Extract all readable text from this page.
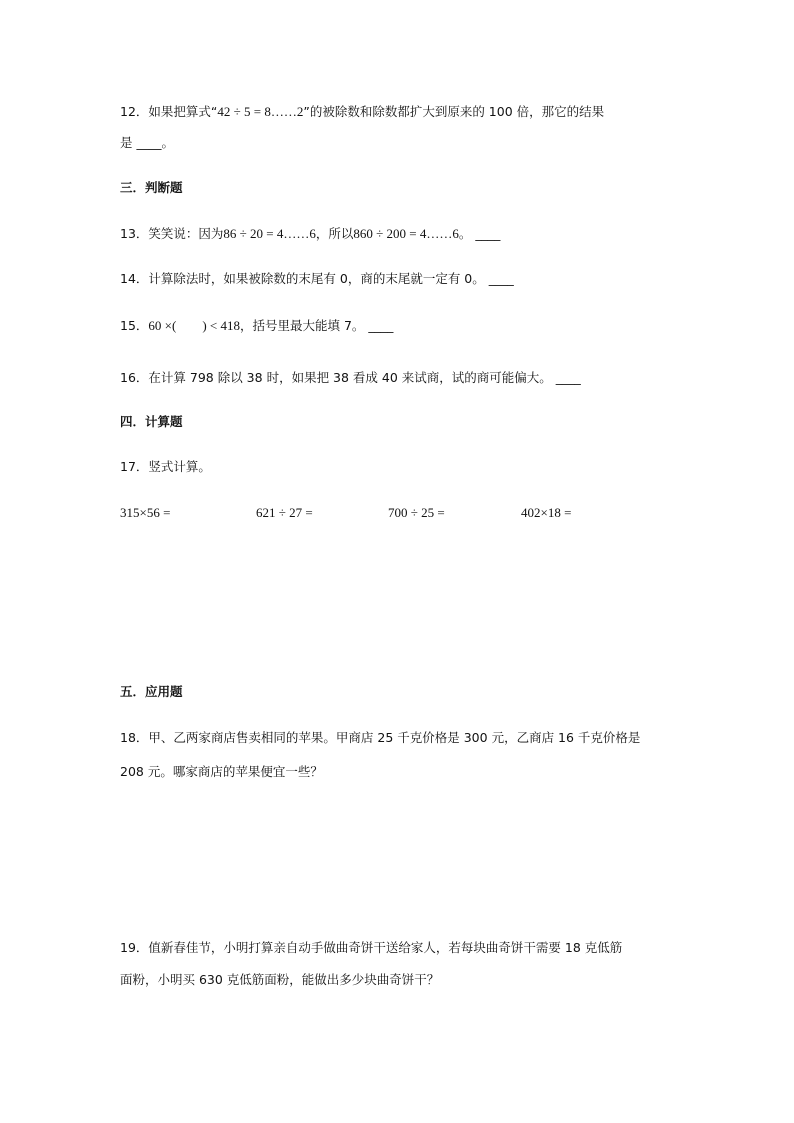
12．如果把算式“42 ÷ 5 = 8……2”的被除数和除数都扩大到原来的 100 倍，那它的结果
是 ____。
三．判断题
13．笑笑说：因为86 ÷ 20 = 4……6，所以860 ÷ 200 = 4……6。 ____
14．计算除法时，如果被除数的末尾有 0，商的末尾就一定有 0。 ____
15．60 ×(　　) < 418，括号里最大能填 7。 ____
16．在计算 798 除以 38 时，如果把 38 看成 40 来试商，试的商可能偏大。 ____
四．计算题
17．竖式计算。
315×56 =	621 ÷ 27 =	700 ÷ 25 =	402×18 =
五．应用题
18．甲、乙两家商店售卖相同的苹果。甲商店 25 千克价格是 300 元，乙商店 16 千克价格是
208 元。哪家商店的苹果便宜一些？
19．值新春佳节，小明打算亲自动手做曲奇饼干送给家人，若每块曲奇饼干需要 18 克低筋
面粉，小明买 630 克低筋面粉，能做出多少块曲奇饼干？
